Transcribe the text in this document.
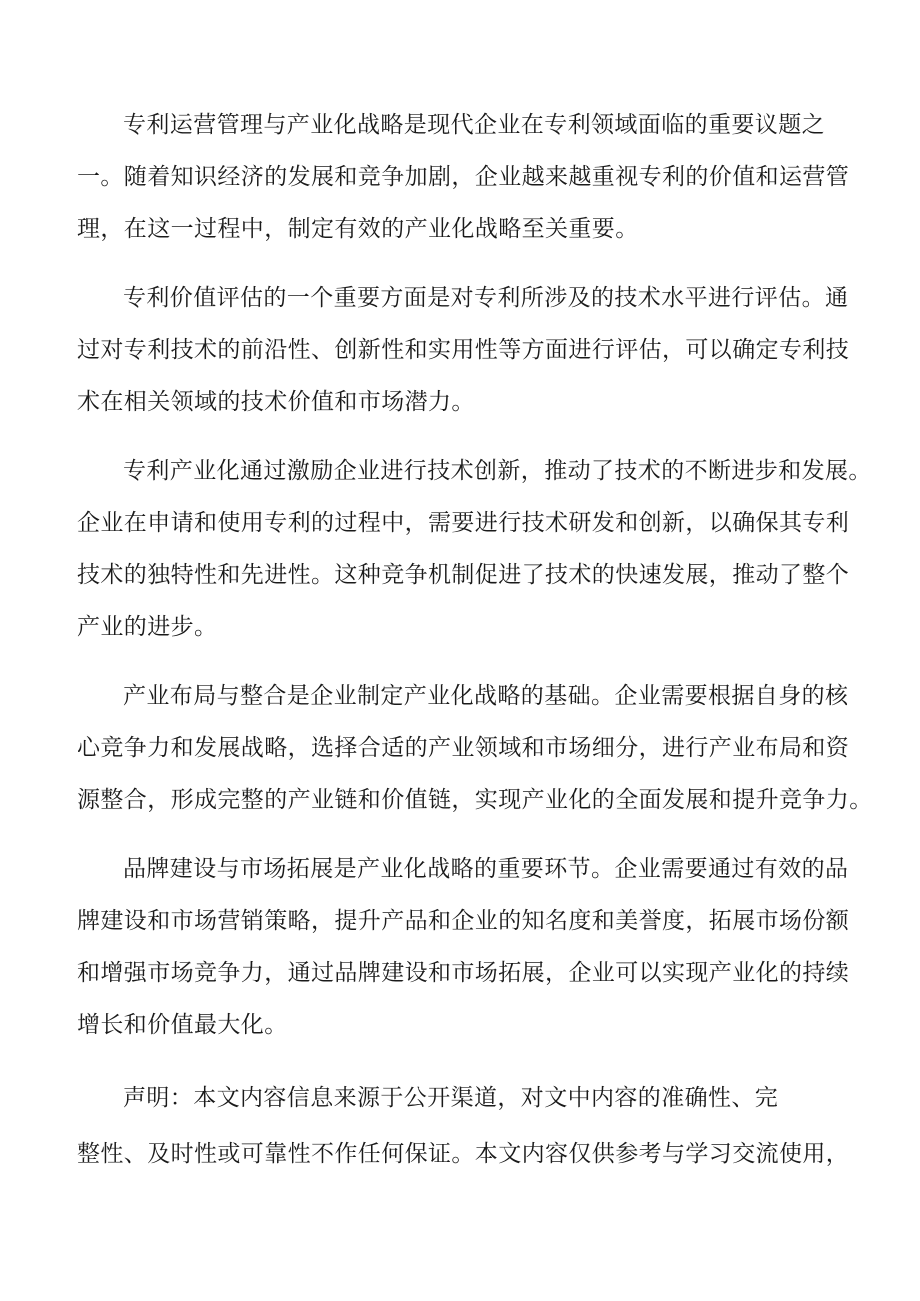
专利运营管理与产业化战略是现代企业在专利领域面临的重要议题之

一。随着知识经济的发展和竞争加剧，企业越来越重视专利的价值和运营管

理，在这一过程中，制定有效的产业化战略至关重要。

专利价值评估的一个重要方面是对专利所涉及的技术水平进行评估。通

过对专利技术的前沿性、创新性和实用性等方面进行评估，可以确定专利技

术在相关领域的技术价值和市场潜力。

专利产业化通过激励企业进行技术创新，推动了技术的不断进步和发展。

企业在申请和使用专利的过程中，需要进行技术研发和创新，以确保其专利

技术的独特性和先进性。这种竞争机制促进了技术的快速发展，推动了整个

产业的进步。

产业布局与整合是企业制定产业化战略的基础。企业需要根据自身的核

心竞争力和发展战略，选择合适的产业领域和市场细分，进行产业布局和资

源整合，形成完整的产业链和价值链，实现产业化的全面发展和提升竞争力。

品牌建设与市场拓展是产业化战略的重要环节。企业需要通过有效的品

牌建设和市场营销策略，提升产品和企业的知名度和美誉度，拓展市场份额

和增强市场竞争力，通过品牌建设和市场拓展，企业可以实现产业化的持续

增长和价值最大化。

声明：本文内容信息来源于公开渠道，对文中内容的准确性、完

整性、及时性或可靠性不作任何保证。本文内容仅供参考与学习交流使用，
